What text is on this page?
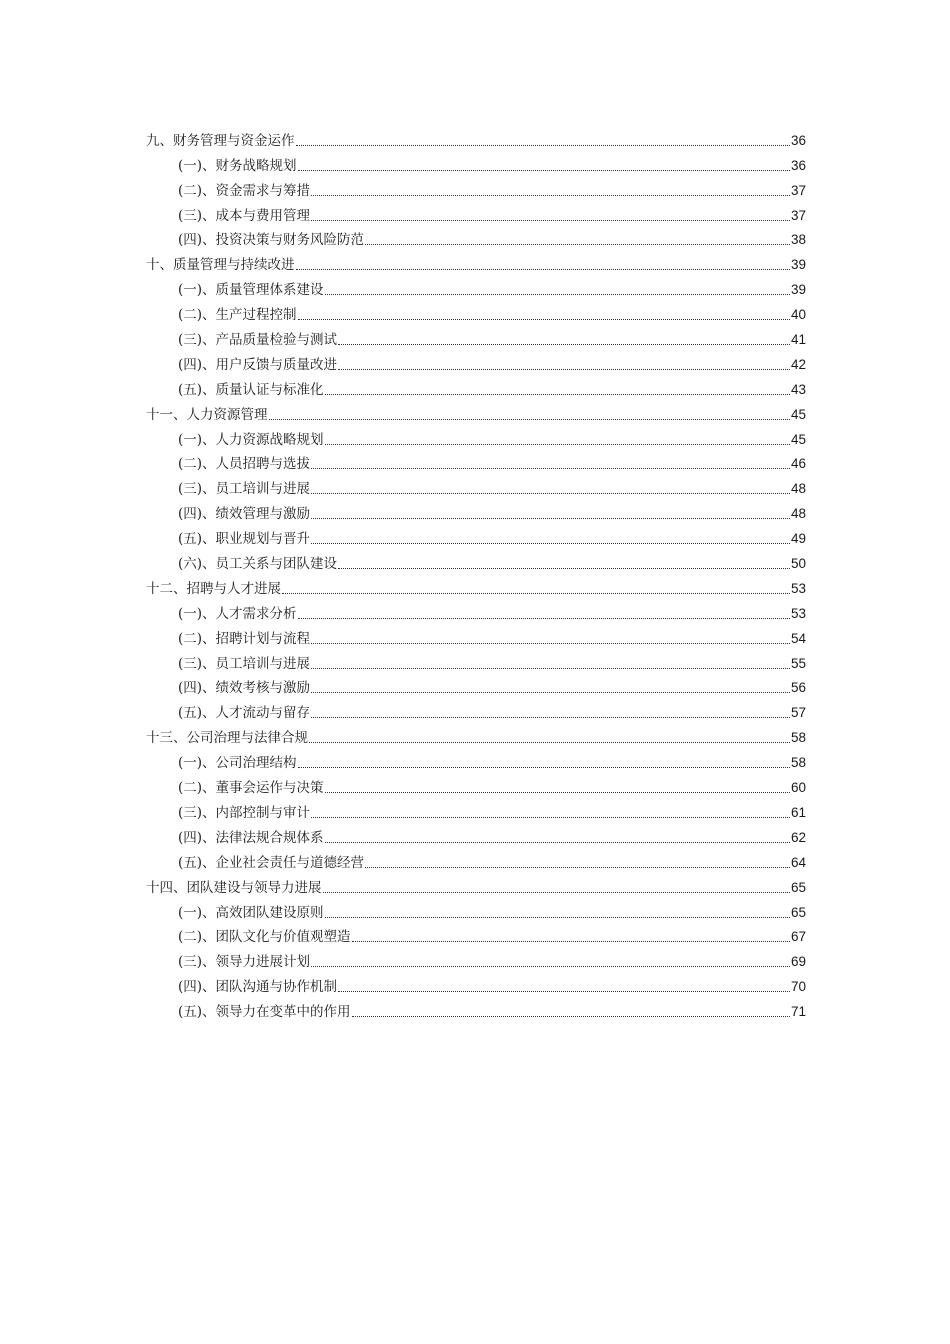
九、财务管理与资金运作	36
(一)、财务战略规划	36
(二)、资金需求与筹措	37
(三)、成本与费用管理	37
(四)、投资决策与财务风险防范	38
十、质量管理与持续改进	39
(一)、质量管理体系建设	39
(二)、生产过程控制	40
(三)、产品质量检验与测试	41
(四)、用户反馈与质量改进	42
(五)、质量认证与标准化	43
十一、人力资源管理	45
(一)、人力资源战略规划	45
(二)、人员招聘与选拔	46
(三)、员工培训与进展	48
(四)、绩效管理与激励	48
(五)、职业规划与晋升	49
(六)、员工关系与团队建设	50
十二、招聘与人才进展	53
(一)、人才需求分析	53
(二)、招聘计划与流程	54
(三)、员工培训与进展	55
(四)、绩效考核与激励	56
(五)、人才流动与留存	57
十三、公司治理与法律合规	58
(一)、公司治理结构	58
(二)、董事会运作与决策	60
(三)、内部控制与审计	61
(四)、法律法规合规体系	62
(五)、企业社会责任与道德经营	64
十四、团队建设与领导力进展	65
(一)、高效团队建设原则	65
(二)、团队文化与价值观塑造	67
(三)、领导力进展计划	69
(四)、团队沟通与协作机制	70
(五)、领导力在变革中的作用	71
